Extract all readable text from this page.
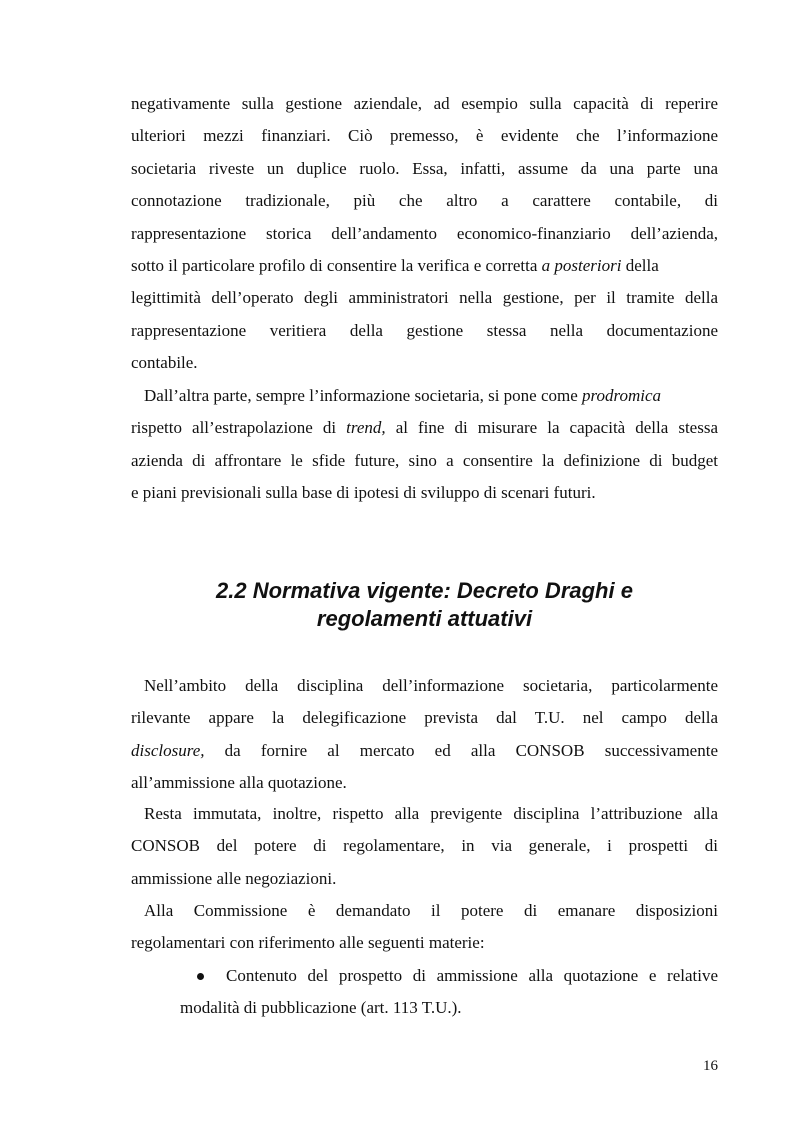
negativamente sulla gestione aziendale, ad esempio sulla capacità di reperire
ulteriori mezzi finanziari. Ciò premesso, è evidente che l’informazione
societaria riveste un duplice ruolo. Essa, infatti, assume da una parte una
connotazione tradizionale, più che altro a carattere contabile, di
rappresentazione storica dell’andamento economico-finanziario dell’azienda,
sotto il particolare profilo di consentire la verifica e corretta a posteriori della
legittimità dell’operato degli amministratori nella gestione, per il tramite della
rappresentazione veritiera della gestione stessa nella documentazione
contabile.
Dall’altra parte, sempre l’informazione societaria, si pone come prodromica
rispetto all’estrapolazione di trend, al fine di misurare la capacità della stessa
azienda di affrontare le sfide future, sino a consentire la definizione di budget
e piani previsionali sulla base di ipotesi di sviluppo di scenari futuri.
2.2 Normativa vigente: Decreto Draghi e
regolamenti attuativi
Nell’ambito della disciplina dell’informazione societaria, particolarmente
rilevante appare la delegificazione prevista dal T.U. nel campo della
disclosure, da fornire al mercato ed alla CONSOB successivamente
all’ammissione alla quotazione.
Resta immutata, inoltre, rispetto alla previgente disciplina l’attribuzione alla
CONSOB del potere di regolamentare, in via generale, i prospetti di
ammissione alle negoziazioni.
Alla Commissione è demandato il potere di emanare disposizioni
regolamentari con riferimento alle seguenti materie:
Contenuto del prospetto di ammissione alla quotazione e relative
modalità di pubblicazione (art. 113 T.U.).
16
